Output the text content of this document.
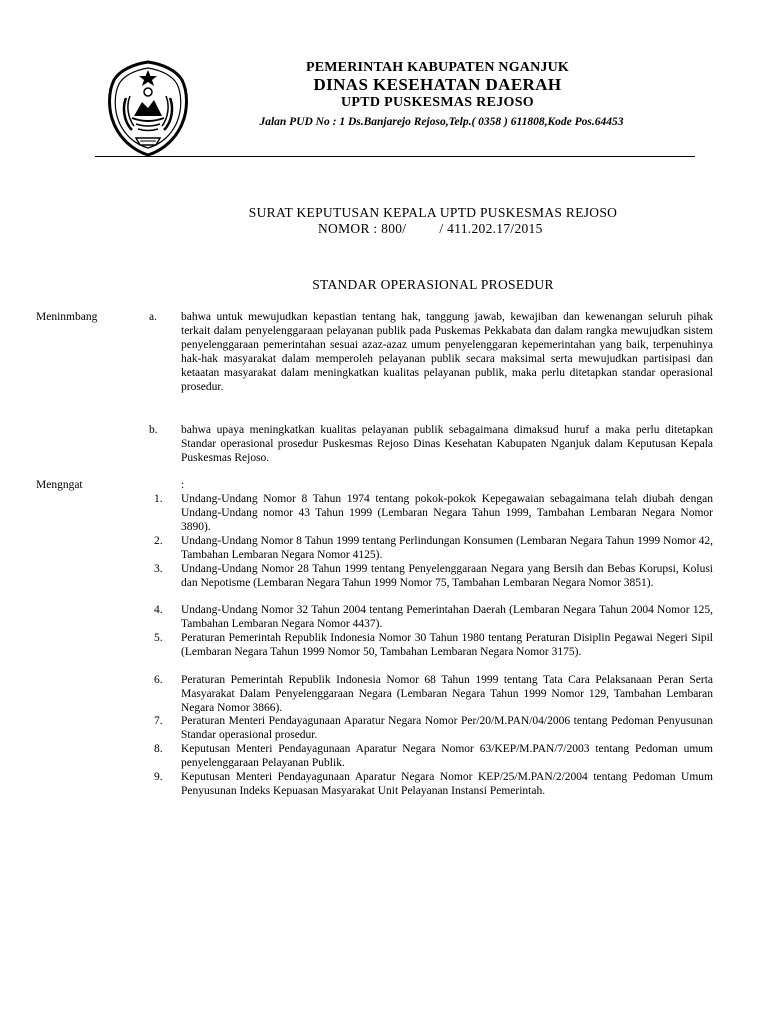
PEMERINTAH KABUPATEN NGANJUK
DINAS KESEHATAN DAERAH
UPTD PUSKESMAS REJOSO
Jalan PUD No : 1 Ds.Banjarejo Rejoso,Telp.( 0358 ) 611808,Kode Pos.64453
SURAT KEPUTUSAN KEPALA UPTD PUSKESMAS REJOSO
NOMOR : 800/         / 411.202.17/2015
STANDAR OPERASIONAL PROSEDUR
Meninmbang	a. bahwa untuk mewujudkan kepastian tentang hak, tanggung jawab, kewajiban dan kewenangan seluruh pihak terkait dalam penyelenggaraan pelayanan publik pada Puskemas Pekkabata dan dalam rangka mewujudkan sistem penyelenggaraan pemerintahan sesuai azaz-azaz umum penyelenggaran kepemerintahan yang baik, terpenuhinya hak-hak masyarakat dalam memperoleh pelayanan publik secara maksimal serta mewujudkan partisipasi dan ketaatan masyarakat dalam meningkatkan kualitas pelayanan publik, maka perlu ditetapkan standar operasional prosedur.
b. bahwa upaya meningkatkan kualitas pelayanan publik sebagaimana dimaksud huruf a maka perlu ditetapkan Standar operasional prosedur Puskesmas Rejoso Dinas Kesehatan Kabupaten Nganjuk dalam Keputusan Kepala Puskesmas Rejoso.
Mengngat	:
1. Undang-Undang Nomor 8 Tahun 1974 tentang pokok-pokok Kepegawaian sebagaimana telah diubah dengan Undang-Undang nomor 43 Tahun 1999 (Lembaran Negara Tahun 1999, Tambahan Lembaran Negara Nomor 3890).
2. Undang-Undang Nomor 8 Tahun 1999 tentang Perlindungan Konsumen (Lembaran Negara Tahun 1999 Nomor 42, Tambahan Lembaran Negara Nomor 4125).
3. Undang-Undang Nomor 28 Tahun 1999 tentang Penyelenggaraan Negara yang Bersih dan Bebas Korupsi, Kolusi dan Nepotisme (Lembaran Negara Tahun 1999 Nomor 75, Tambahan Lembaran Negara Nomor 3851).
4. Undang-Undang Nomor 32 Tahun 2004 tentang Pemerintahan Daerah (Lembaran Negara Tahun 2004 Nomor 125, Tambahan Lembaran Negara Nomor 4437).
5. Peraturan Pemerintah Republik Indonesia Nomor 30 Tahun 1980 tentang Peraturan Disiplin Pegawai Negeri Sipil (Lembaran Negara Tahun 1999 Nomor 50, Tambahan Lembaran Negara Nomor 3175).
6. Peraturan Pemerintah Republik Indonesia Nomor 68 Tahun 1999 tentang Tata Cara Pelaksanaan Peran Serta Masyarakat Dalam Penyelenggaraan Negara (Lembaran Negara Tahun 1999 Nomor 129, Tambahan Lembaran Negara Nomor 3866).
7. Peraturan Menteri Pendayagunaan Aparatur Negara Nomor Per/20/M.PAN/04/2006 tentang Pedoman Penyusunan Standar operasional prosedur.
8. Keputusan Menteri Pendayagunaan Aparatur Negara Nomor 63/KEP/M.PAN/7/2003 tentang Pedoman umum penyelenggaraan Pelayanan Publik.
9. Keputusan Menteri Pendayagunaan Aparatur Negara Nomor KEP/25/M.PAN/2/2004 tentang Pedoman Umum Penyusunan Indeks Kepuasan Masyarakat Unit Pelayanan Instansi Pemerintah.
